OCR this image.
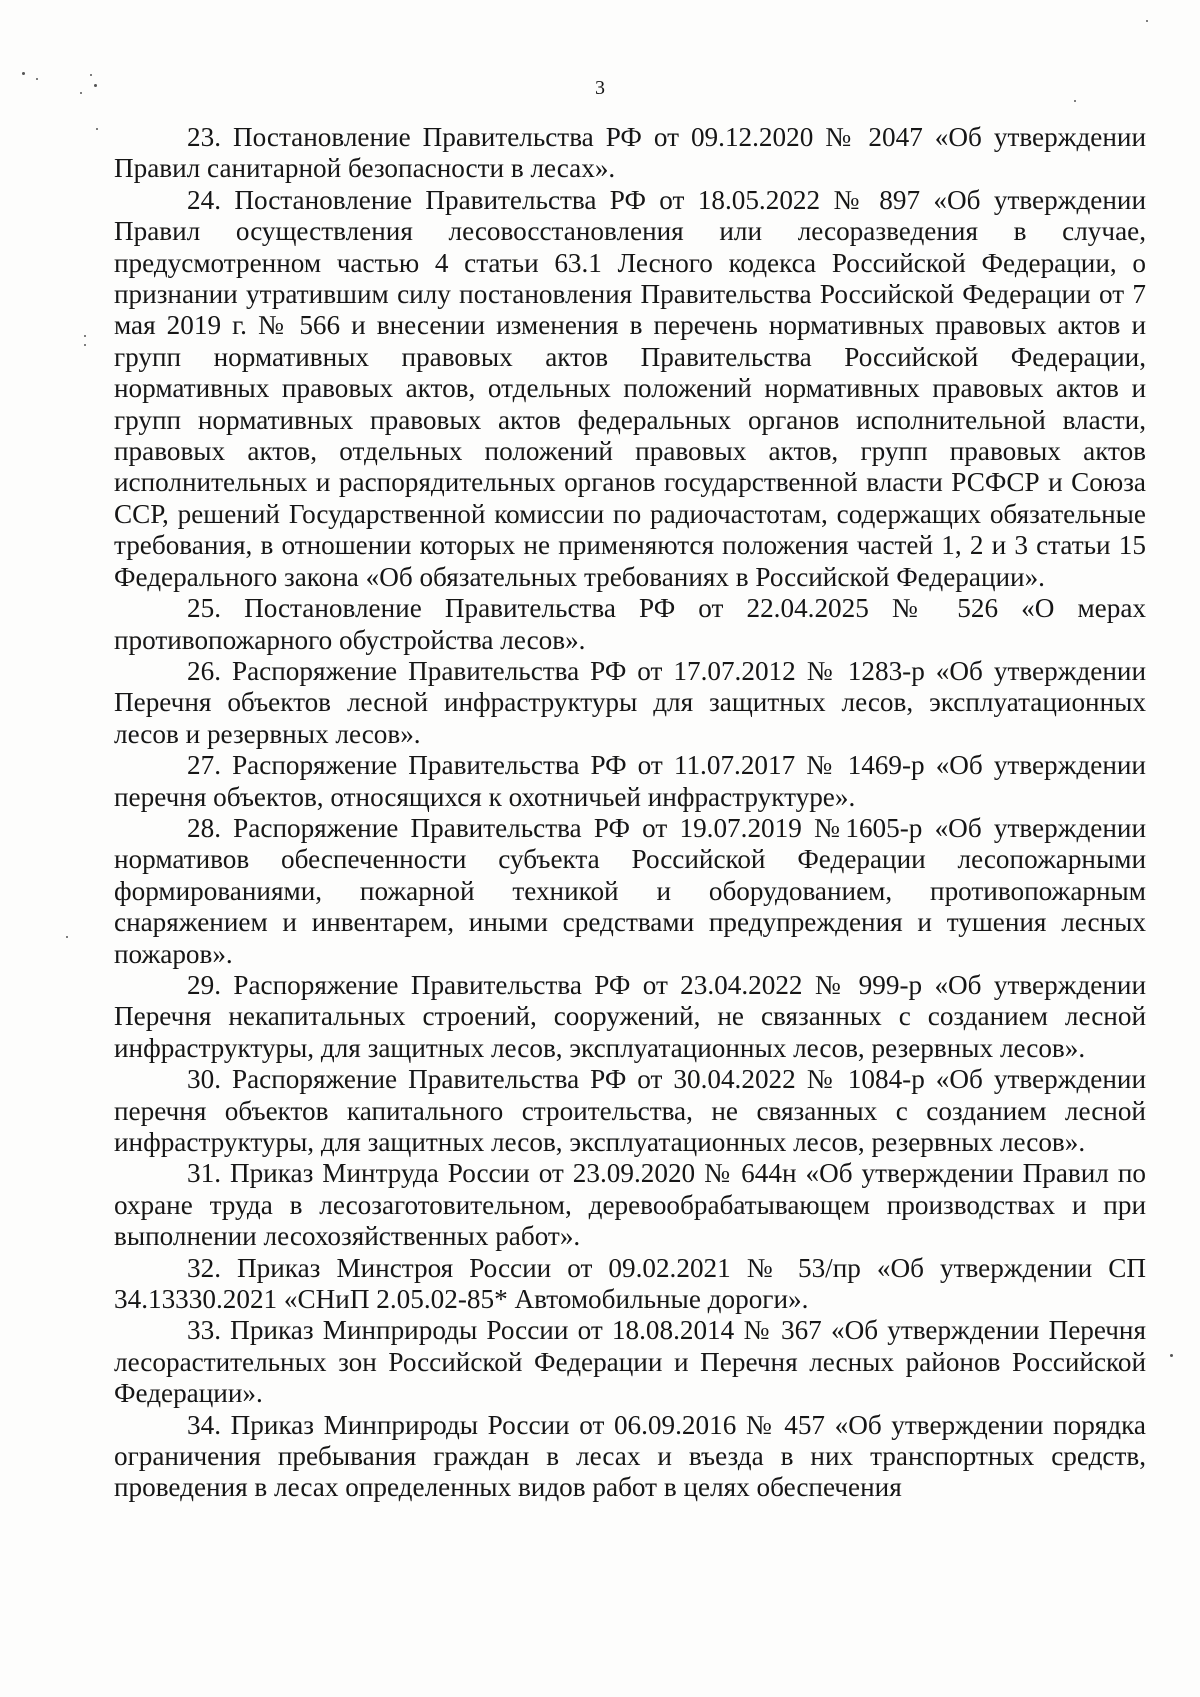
3

23. Постановление Правительства РФ от 09.12.2020 № 2047 «Об утверждении Правил санитарной безопасности в лесах».

24. Постановление Правительства РФ от 18.05.2022 № 897 «Об утверждении Правил осуществления лесовосстановления или лесоразведения в случае, предусмотренном частью 4 статьи 63.1 Лесного кодекса Российской Федерации, о признании утратившим силу постановления Правительства Российской Федерации от 7 мая 2019 г. № 566 и внесении изменения в перечень нормативных правовых актов и групп нормативных правовых актов Правительства Российской Федерации, нормативных правовых актов, отдельных положений нормативных правовых актов и групп нормативных правовых актов федеральных органов исполнительной власти, правовых актов, отдельных положений правовых актов, групп правовых актов исполнительных и распорядительных органов государственной власти РСФСР и Союза ССР, решений Государственной комиссии по радиочастотам, содержащих обязательные требования, в отношении которых не применяются положения частей 1, 2 и 3 статьи 15 Федерального закона «Об обязательных требованиях в Российской Федерации».

25. Постановление Правительства РФ от 22.04.2025 № 526 «О мерах противопожарного обустройства лесов».

26. Распоряжение Правительства РФ от 17.07.2012 № 1283-р «Об утверждении Перечня объектов лесной инфраструктуры для защитных лесов, эксплуатационных лесов и резервных лесов».

27. Распоряжение Правительства РФ от 11.07.2017 № 1469-р «Об утверждении перечня объектов, относящихся к охотничьей инфраструктуре».

28. Распоряжение Правительства РФ от 19.07.2019 №1605-р «Об утверждении нормативов обеспеченности субъекта Российской Федерации лесопожарными формированиями, пожарной техникой и оборудованием, противопожарным снаряжением и инвентарем, иными средствами предупреждения и тушения лесных пожаров».

29. Распоряжение Правительства РФ от 23.04.2022 № 999-р «Об утверждении Перечня некапитальных строений, сооружений, не связанных с созданием лесной инфраструктуры, для защитных лесов, эксплуатационных лесов, резервных лесов».

30. Распоряжение Правительства РФ от 30.04.2022 № 1084-р «Об утверждении перечня объектов капитального строительства, не связанных с созданием лесной инфраструктуры, для защитных лесов, эксплуатационных лесов, резервных лесов».

31. Приказ Минтруда России от 23.09.2020 № 644н «Об утверждении Правил по охране труда в лесозаготовительном, деревообрабатывающем производствах и при выполнении лесохозяйственных работ».

32. Приказ Минстроя России от 09.02.2021 № 53/пр «Об утверждении СП 34.13330.2021 «СНиП 2.05.02-85* Автомобильные дороги».

33. Приказ Минприроды России от 18.08.2014 № 367 «Об утверждении Перечня лесорастительных зон Российской Федерации и Перечня лесных районов Российской Федерации».

34. Приказ Минприроды России от 06.09.2016 № 457 «Об утверждении порядка ограничения пребывания граждан в лесах и въезда в них транспортных средств, проведения в лесах определенных видов работ в целях обеспечения
